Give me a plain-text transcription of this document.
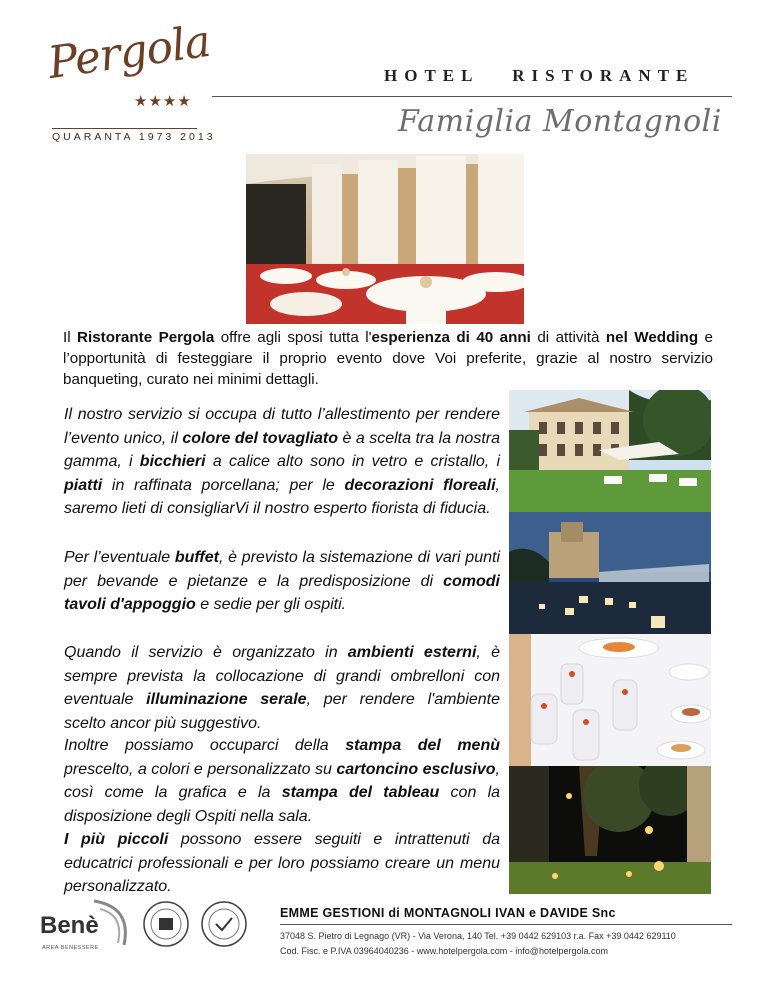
Pergola
★★★★
QUARANTA 1973 2013
HOTEL   RISTORANTE
Famiglia Montagnoli
Il Ristorante Pergola offre agli sposi tutta l'esperienza di 40 anni di attività nel Wedding e l’opportunità di festeggiare il proprio evento dove Voi preferite, grazie al nostro servizio banqueting, curato nei minimi dettagli.
Il nostro servizio si occupa di tutto l’allestimento per rendere l’evento unico, il colore del tovagliato è a scelta tra la nostra gamma, i bicchieri a calice alto sono in vetro e cristallo, i piatti in raffinata porcellana; per le decorazioni floreali, saremo lieti di consigliarVi il nostro esperto fiorista di fiducia.
Per l’eventuale buffet, è previsto la sistemazione di vari punti per bevande e pietanze e la predisposizione di comodi tavoli d'appoggio e sedie per gli ospiti.
Quando il servizio è organizzato in ambienti esterni, è sempre prevista la collocazione di grandi ombrelloni con eventuale illuminazione serale, per rendere l'ambiente scelto ancor più suggestivo.
Inoltre possiamo occuparci della stampa del menù prescelto, a colori e personalizzato su cartoncino esclusivo, così come la grafica e la stampa del tableau con la disposizione degli Ospiti nella sala.
I più piccoli possono essere seguiti e intrattenuti da educatrici professionali e per loro possiamo creare un menu personalizzato.
Benè
AREA BENESSERE
EMME GESTIONI di MONTAGNOLI IVAN e DAVIDE Snc
37048 S. Pietro di Legnago (VR) - Via Verona, 140 Tel. +39 0442 629103 r.a. Fax +39 0442 629110
Cod. Fisc. e P.IVA 03964040236 - www.hotelpergola.com - info@hotelpergola.com
